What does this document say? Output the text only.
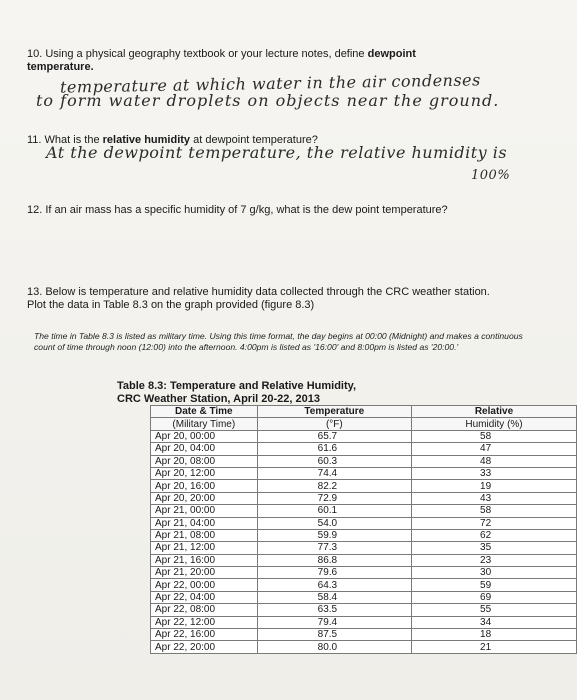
10. Using a physical geography textbook or your lecture notes, define dewpoint
temperature.
temperature at which water in the air condenses
to form water droplets on objects near the ground.
11. What is the relative humidity at dewpoint temperature?
At the dewpoint temperature, the relative humidity is
100%
12. If an air mass has a specific humidity of 7 g/kg, what is the dew point temperature?
13. Below is temperature and relative humidity data collected through the CRC weather station.
Plot the data in Table 8.3 on the graph provided (figure 8.3)
The time in Table 8.3 is listed as military time. Using this time format, the day begins at 00:00 (Midnight) and makes a continuous count of time through noon (12:00) into the afternoon. 4:00pm is listed as '16:00' and 8:00pm is listed as '20:00.'
Table 8.3: Temperature and Relative Humidity,
CRC Weather Station, April 20-22, 2013
Date & Time	Temperature	Relative
(Military Time)	(°F)	Humidity (%)
Apr 20, 00:00	65.7	58
Apr 20, 04:00	61.6	47
Apr 20, 08:00	60.3	48
Apr 20, 12:00	74.4	33
Apr 20, 16:00	82.2	19
Apr 20, 20:00	72.9	43
Apr 21, 00:00	60.1	58
Apr 21, 04:00	54.0	72
Apr 21, 08:00	59.9	62
Apr 21, 12:00	77.3	35
Apr 21, 16:00	86.8	23
Apr 21, 20:00	79.6	30
Apr 22, 00:00	64.3	59
Apr 22, 04:00	58.4	69
Apr 22, 08:00	63.5	55
Apr 22, 12:00	79.4	34
Apr 22, 16:00	87.5	18
Apr 22, 20:00	80.0	21
